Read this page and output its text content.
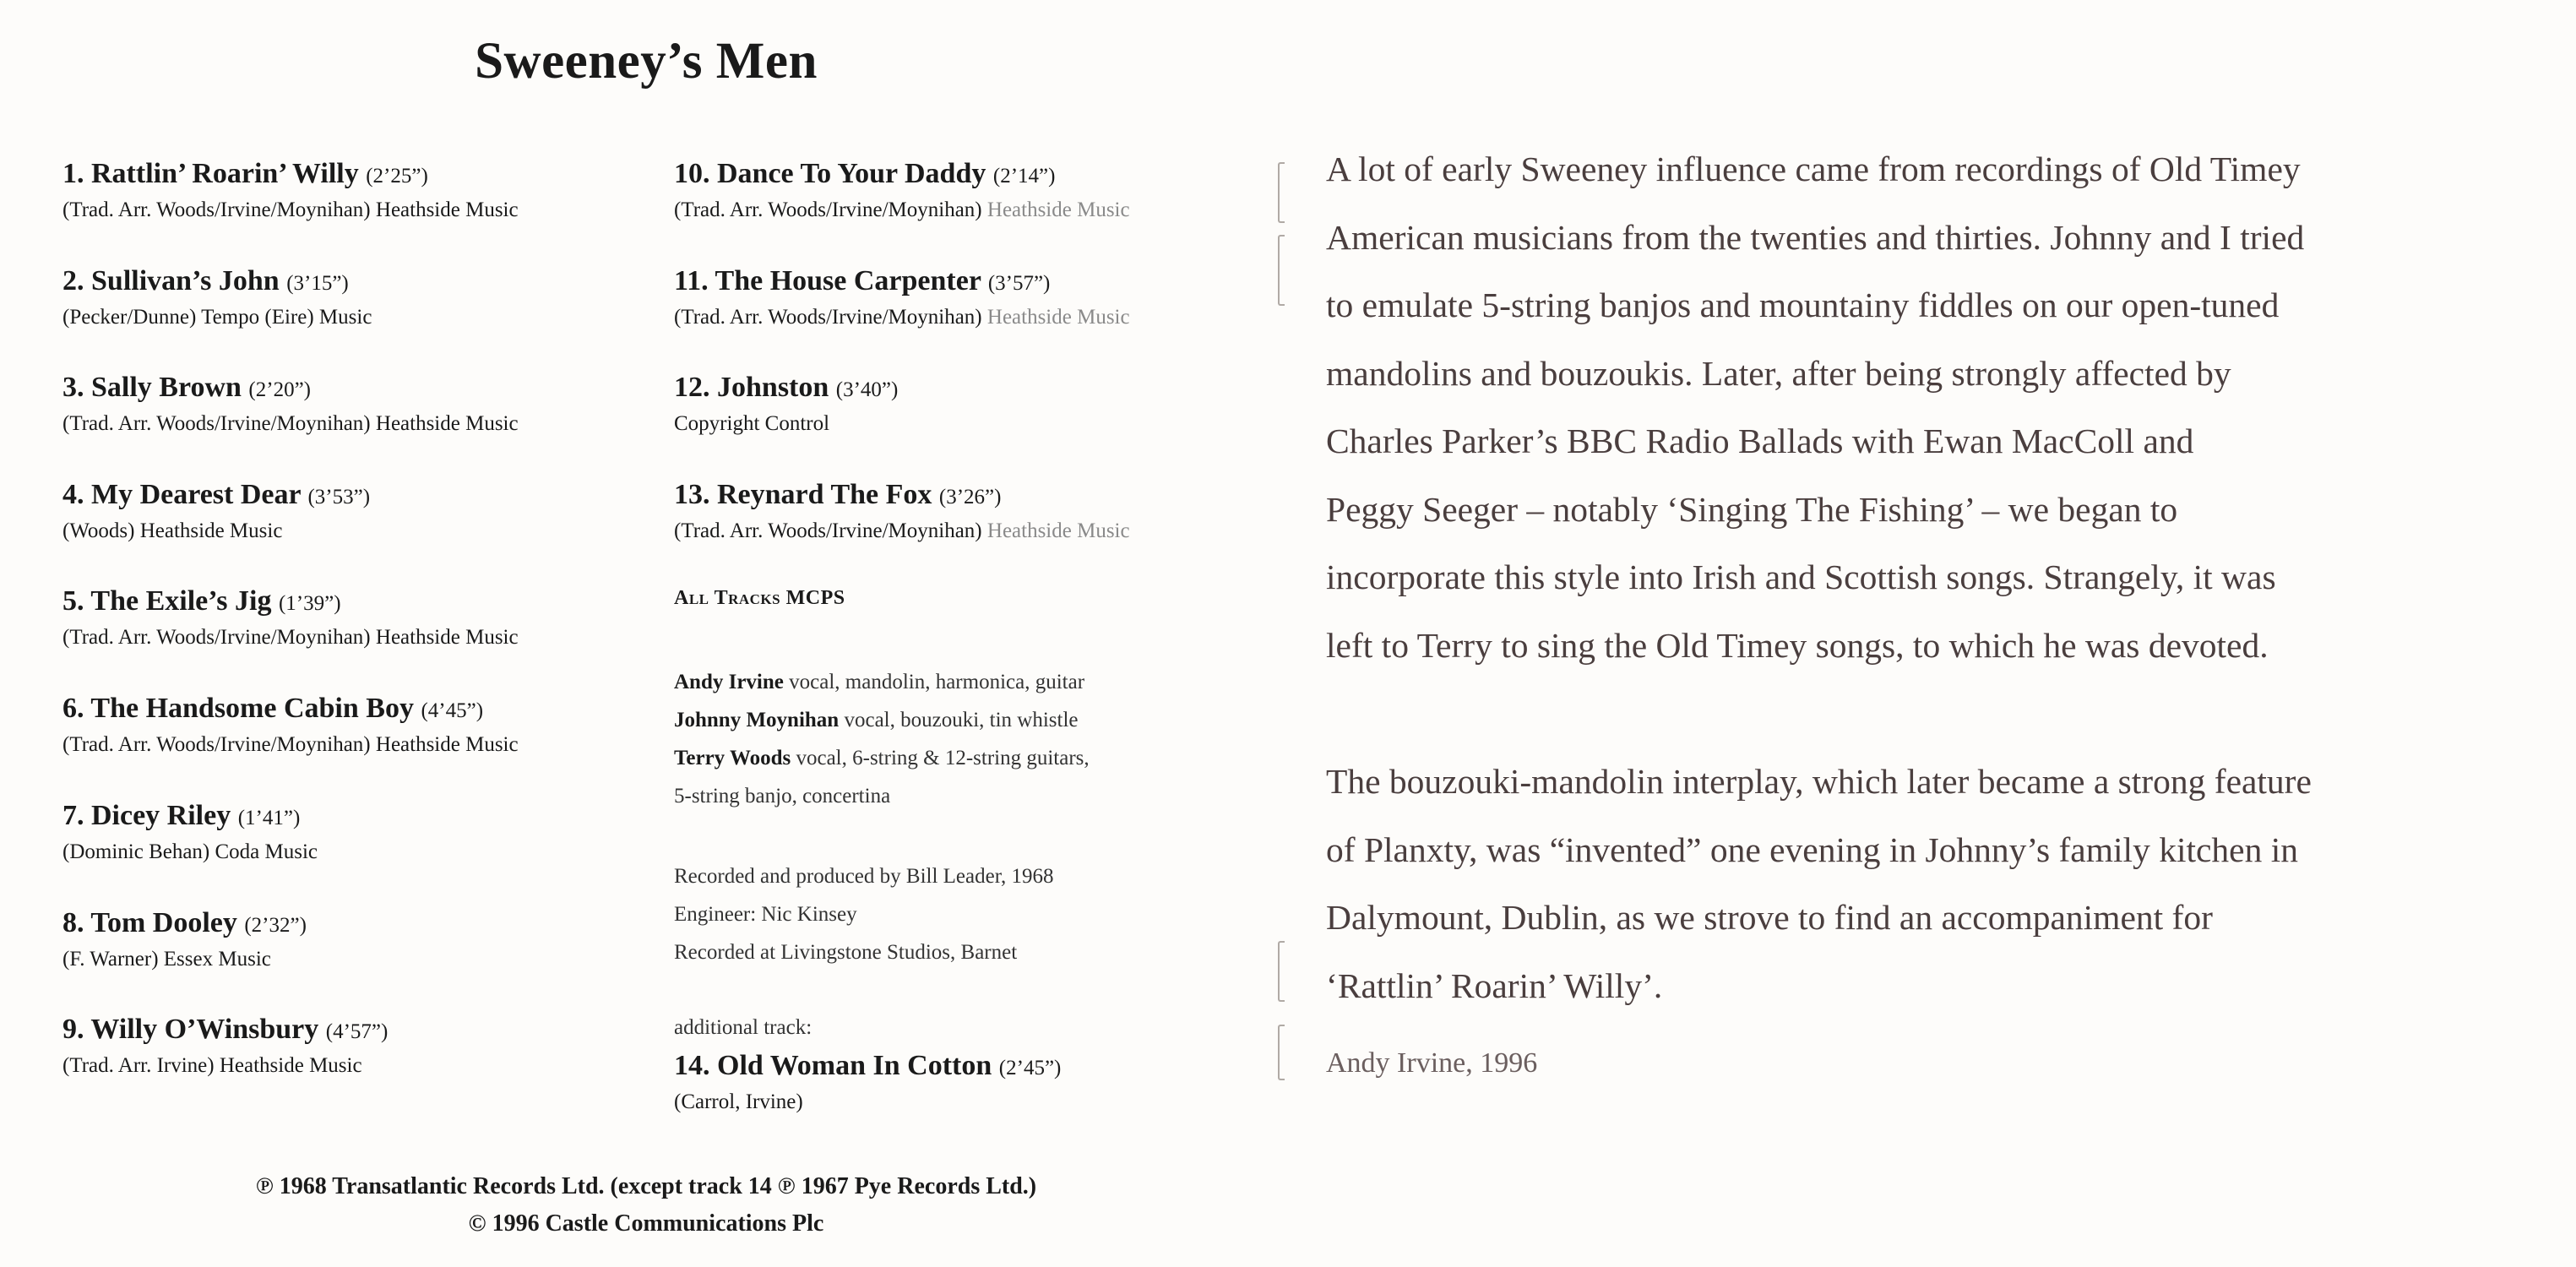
Sweeney’s Men
1. Rattlin’ Roarin’ Willy (2’25”)
(Trad. Arr. Woods/Irvine/Moynihan) Heathside Music
2. Sullivan’s John (3’15”)
(Pecker/Dunne) Tempo (Eire) Music
3. Sally Brown (2’20”)
(Trad. Arr. Woods/Irvine/Moynihan) Heathside Music
4. My Dearest Dear (3’53”)
(Woods) Heathside Music
5. The Exile’s Jig (1’39”)
(Trad. Arr. Woods/Irvine/Moynihan) Heathside Music
6. The Handsome Cabin Boy (4’45”)
(Trad. Arr. Woods/Irvine/Moynihan) Heathside Music
7. Dicey Riley (1’41”)
(Dominic Behan) Coda Music
8. Tom Dooley (2’32”)
(F. Warner) Essex Music
9. Willy O’Winsbury (4’57”)
(Trad. Arr. Irvine) Heathside Music
10. Dance To Your Daddy (2’14”)
(Trad. Arr. Woods/Irvine/Moynihan) Heathside Music
11. The House Carpenter (3’57”)
(Trad. Arr. Woods/Irvine/Moynihan) Heathside Music
12. Johnston (3’40”)
Copyright Control
13. Reynard The Fox (3’26”)
(Trad. Arr. Woods/Irvine/Moynihan) Heathside Music
All Tracks MCPS
Andy Irvine vocal, mandolin, harmonica, guitar
Johnny Moynihan vocal, bouzouki, tin whistle
Terry Woods vocal, 6-string & 12-string guitars,
5-string banjo, concertina
Recorded and produced by Bill Leader, 1968
Engineer: Nic Kinsey
Recorded at Livingstone Studios, Barnet
additional track:
14. Old Woman In Cotton (2’45”)
(Carrol, Irvine)
℗ 1968 Transatlantic Records Ltd. (except track 14 ℗ 1967 Pye Records Ltd.)
© 1996 Castle Communications Plc

A lot of early Sweeney influence came from recordings of Old Timey
American musicians from the twenties and thirties. Johnny and I tried
to emulate 5-string banjos and mountainy fiddles on our open-tuned
mandolins and bouzoukis. Later, after being strongly affected by
Charles Parker’s BBC Radio Ballads with Ewan MacColl and
Peggy Seeger – notably ‘Singing The Fishing’ – we began to
incorporate this style into Irish and Scottish songs. Strangely, it was
left to Terry to sing the Old Timey songs, to which he was devoted.

The bouzouki-mandolin interplay, which later became a strong feature
of Planxty, was “invented” one evening in Johnny’s family kitchen in
Dalymount, Dublin, as we strove to find an accompaniment for
‘Rattlin’ Roarin’ Willy’.

Andy Irvine, 1996
